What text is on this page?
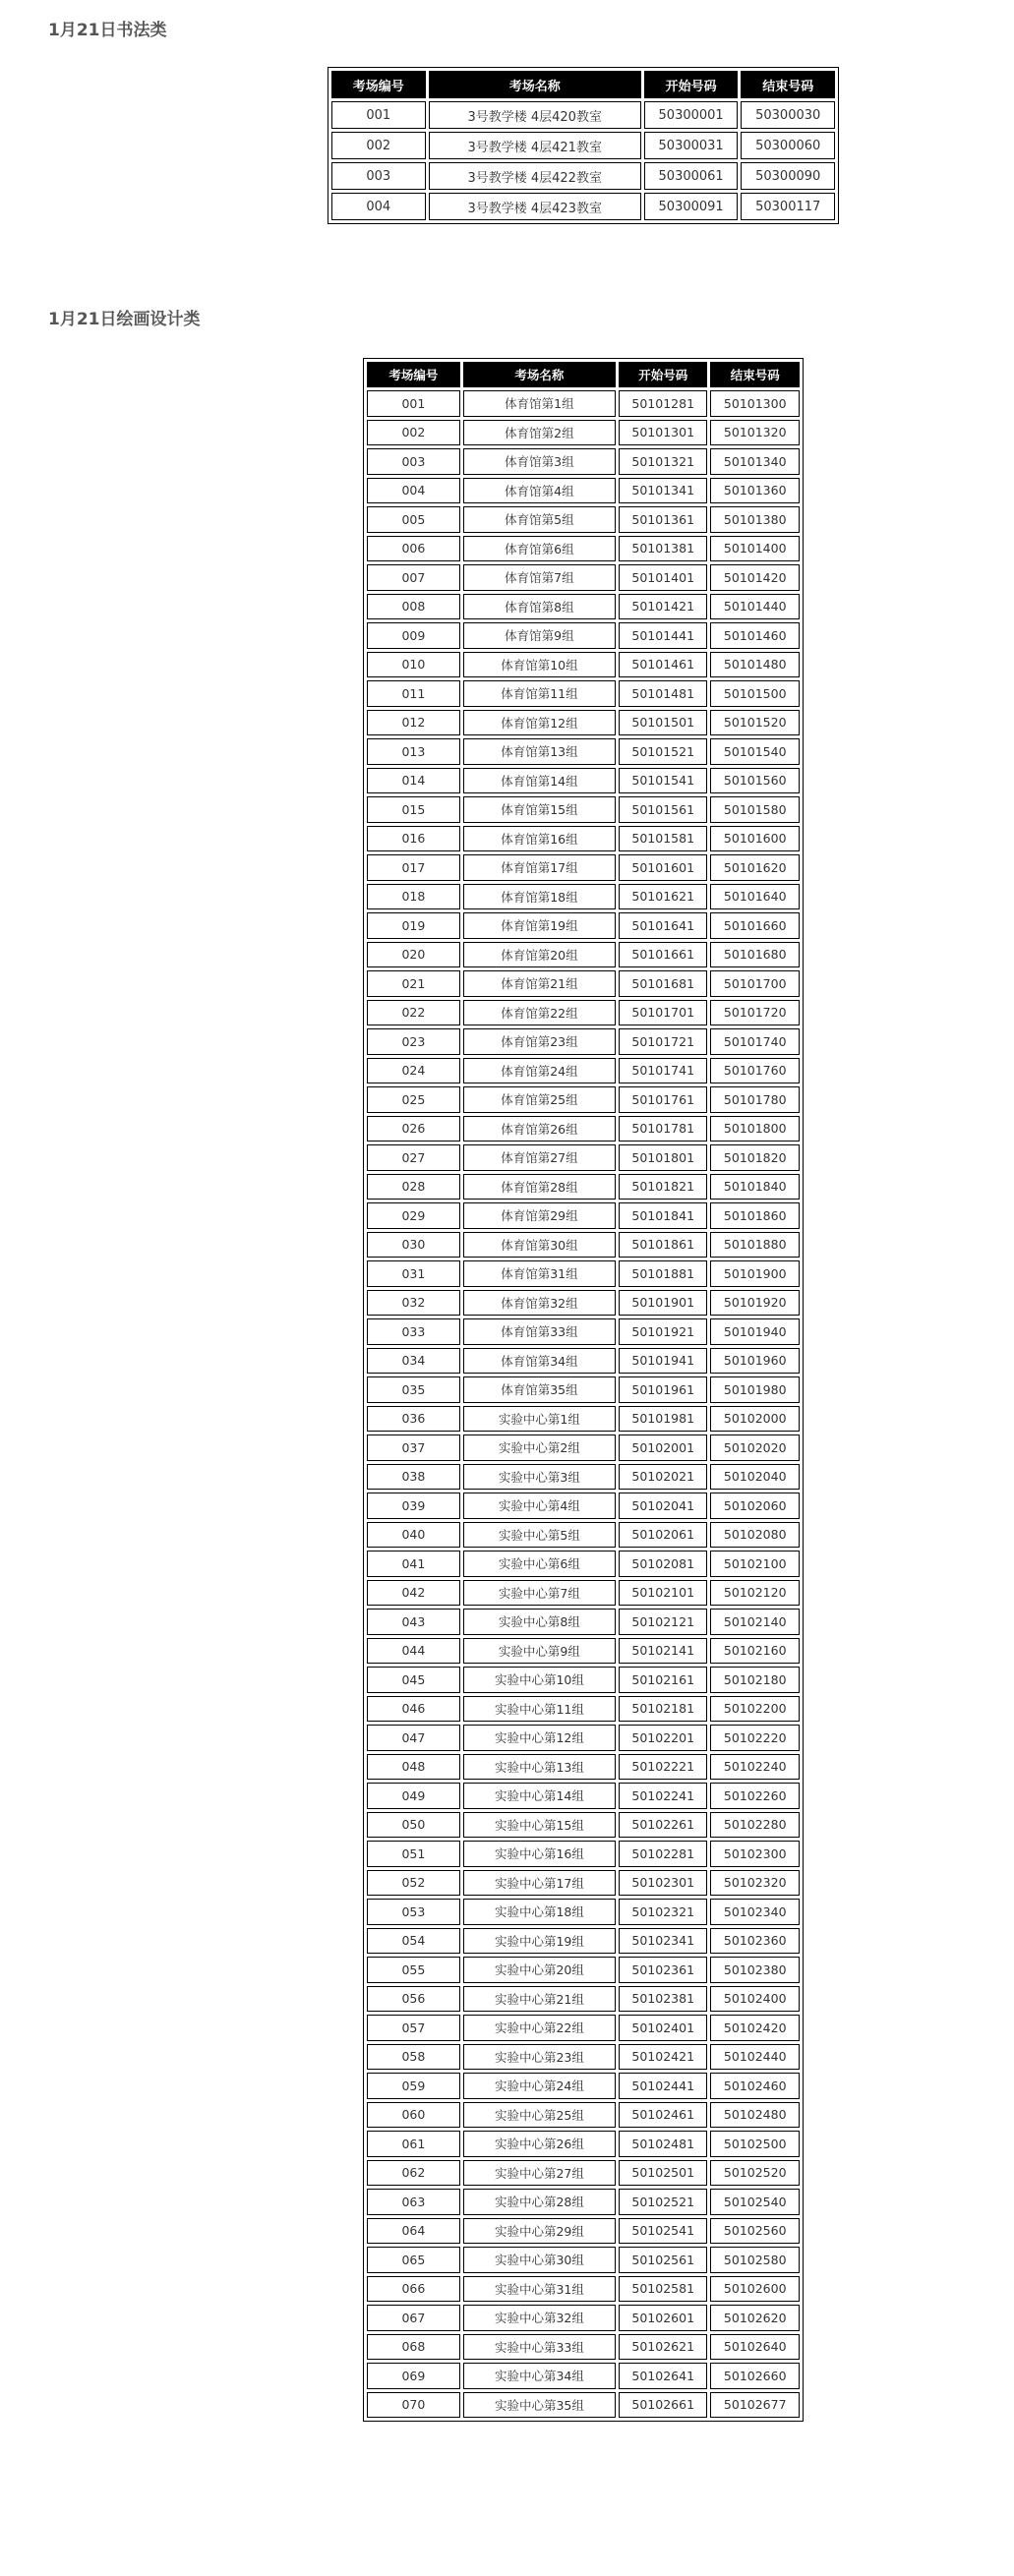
1月21日书法类
考场编号	考场名称	开始号码	结束号码
001	3号教学楼 4层420教室	50300001	50300030
002	3号教学楼 4层421教室	50300031	50300060
003	3号教学楼 4层422教室	50300061	50300090
004	3号教学楼 4层423教室	50300091	50300117
1月21日绘画设计类
考场编号	考场名称	开始号码	结束号码
001	体育馆第1组	50101281	50101300
002	体育馆第2组	50101301	50101320
003	体育馆第3组	50101321	50101340
004	体育馆第4组	50101341	50101360
005	体育馆第5组	50101361	50101380
006	体育馆第6组	50101381	50101400
007	体育馆第7组	50101401	50101420
008	体育馆第8组	50101421	50101440
009	体育馆第9组	50101441	50101460
010	体育馆第10组	50101461	50101480
011	体育馆第11组	50101481	50101500
012	体育馆第12组	50101501	50101520
013	体育馆第13组	50101521	50101540
014	体育馆第14组	50101541	50101560
015	体育馆第15组	50101561	50101580
016	体育馆第16组	50101581	50101600
017	体育馆第17组	50101601	50101620
018	体育馆第18组	50101621	50101640
019	体育馆第19组	50101641	50101660
020	体育馆第20组	50101661	50101680
021	体育馆第21组	50101681	50101700
022	体育馆第22组	50101701	50101720
023	体育馆第23组	50101721	50101740
024	体育馆第24组	50101741	50101760
025	体育馆第25组	50101761	50101780
026	体育馆第26组	50101781	50101800
027	体育馆第27组	50101801	50101820
028	体育馆第28组	50101821	50101840
029	体育馆第29组	50101841	50101860
030	体育馆第30组	50101861	50101880
031	体育馆第31组	50101881	50101900
032	体育馆第32组	50101901	50101920
033	体育馆第33组	50101921	50101940
034	体育馆第34组	50101941	50101960
035	体育馆第35组	50101961	50101980
036	实验中心第1组	50101981	50102000
037	实验中心第2组	50102001	50102020
038	实验中心第3组	50102021	50102040
039	实验中心第4组	50102041	50102060
040	实验中心第5组	50102061	50102080
041	实验中心第6组	50102081	50102100
042	实验中心第7组	50102101	50102120
043	实验中心第8组	50102121	50102140
044	实验中心第9组	50102141	50102160
045	实验中心第10组	50102161	50102180
046	实验中心第11组	50102181	50102200
047	实验中心第12组	50102201	50102220
048	实验中心第13组	50102221	50102240
049	实验中心第14组	50102241	50102260
050	实验中心第15组	50102261	50102280
051	实验中心第16组	50102281	50102300
052	实验中心第17组	50102301	50102320
053	实验中心第18组	50102321	50102340
054	实验中心第19组	50102341	50102360
055	实验中心第20组	50102361	50102380
056	实验中心第21组	50102381	50102400
057	实验中心第22组	50102401	50102420
058	实验中心第23组	50102421	50102440
059	实验中心第24组	50102441	50102460
060	实验中心第25组	50102461	50102480
061	实验中心第26组	50102481	50102500
062	实验中心第27组	50102501	50102520
063	实验中心第28组	50102521	50102540
064	实验中心第29组	50102541	50102560
065	实验中心第30组	50102561	50102580
066	实验中心第31组	50102581	50102600
067	实验中心第32组	50102601	50102620
068	实验中心第33组	50102621	50102640
069	实验中心第34组	50102641	50102660
070	实验中心第35组	50102661	50102677
